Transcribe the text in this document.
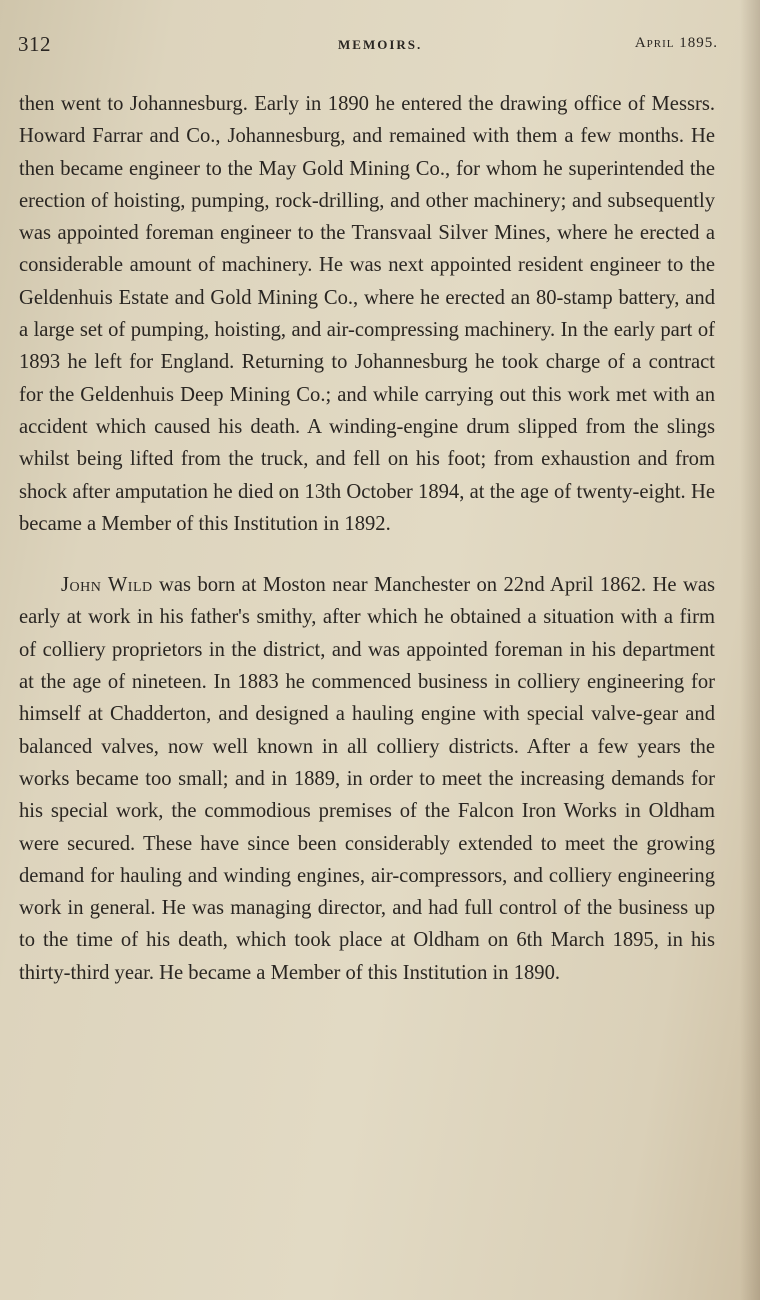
312	MEMOIRS.	April 1895.

then went to Johannesburg. Early in 1890 he entered the drawing office of Messrs. Howard Farrar and Co., Johannesburg, and remained with them a few months. He then became engineer to the May Gold Mining Co., for whom he superintended the erection of hoisting, pumping, rock-drilling, and other machinery; and subsequently was appointed foreman engineer to the Transvaal Silver Mines, where he erected a considerable amount of machinery. He was next appointed resident engineer to the Geldenhuis Estate and Gold Mining Co., where he erected an 80-stamp battery, and a large set of pumping, hoisting, and air-compressing machinery. In the early part of 1893 he left for England. Returning to Johannesburg he took charge of a contract for the Geldenhuis Deep Mining Co.; and while carrying out this work met with an accident which caused his death. A winding-engine drum slipped from the slings whilst being lifted from the truck, and fell on his foot; from exhaustion and from shock after amputation he died on 13th October 1894, at the age of twenty-eight. He became a Member of this Institution in 1892.

John Wild was born at Moston near Manchester on 22nd April 1862. He was early at work in his father's smithy, after which he obtained a situation with a firm of colliery proprietors in the district, and was appointed foreman in his department at the age of nineteen. In 1883 he commenced business in colliery engineering for himself at Chadderton, and designed a hauling engine with special valve-gear and balanced valves, now well known in all colliery districts. After a few years the works became too small; and in 1889, in order to meet the increasing demands for his special work, the commodious premises of the Falcon Iron Works in Oldham were secured. These have since been considerably extended to meet the growing demand for hauling and winding engines, air-compressors, and colliery engineering work in general. He was managing director, and had full control of the business up to the time of his death, which took place at Oldham on 6th March 1895, in his thirty-third year. He became a Member of this Institution in 1890.
